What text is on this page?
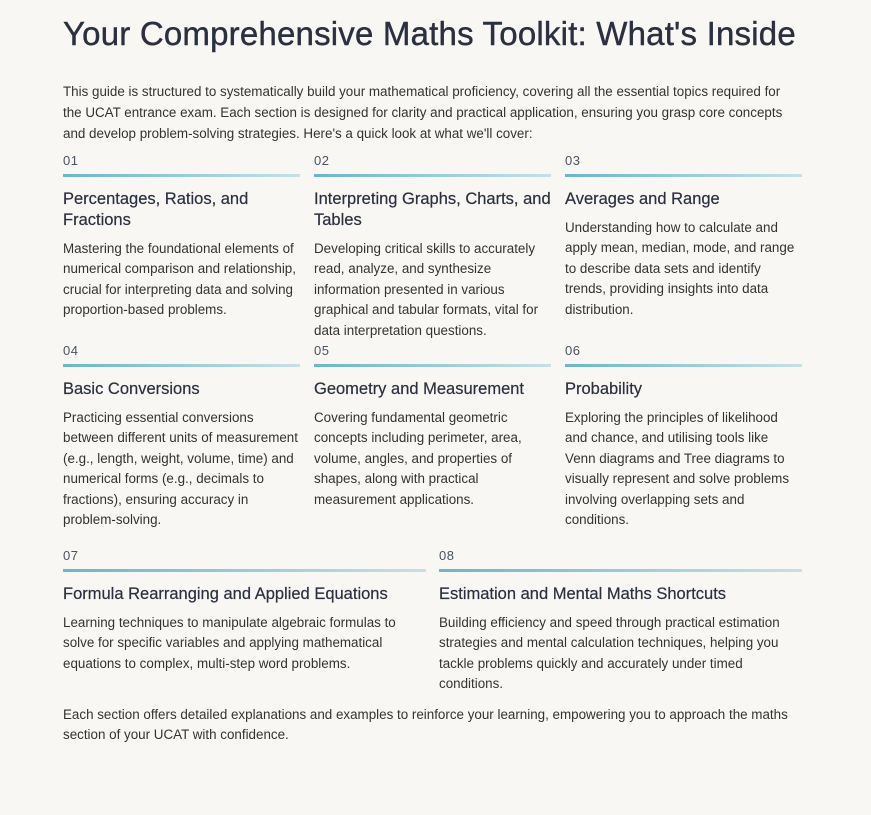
Your Comprehensive Maths Toolkit: What's Inside

This guide is structured to systematically build your mathematical proficiency, covering all the essential topics required for the UCAT entrance exam. Each section is designed for clarity and practical application, ensuring you grasp core concepts and develop problem-solving strategies. Here's a quick look at what we'll cover:

01
Percentages, Ratios, and Fractions
Mastering the foundational elements of numerical comparison and relationship, crucial for interpreting data and solving proportion-based problems.
02
Interpreting Graphs, Charts, and Tables
Developing critical skills to accurately read, analyze, and synthesize information presented in various graphical and tabular formats, vital for data interpretation questions.
03
Averages and Range
Understanding how to calculate and apply mean, median, mode, and range to describe data sets and identify trends, providing insights into data distribution.
04
Basic Conversions
Practicing essential conversions between different units of measurement (e.g., length, weight, volume, time) and numerical forms (e.g., decimals to fractions), ensuring accuracy in problem-solving.
05
Geometry and Measurement
Covering fundamental geometric concepts including perimeter, area, volume, angles, and properties of shapes, along with practical measurement applications.
06
Probability
Exploring the principles of likelihood and chance, and utilising tools like Venn diagrams and Tree diagrams to visually represent and solve problems involving overlapping sets and conditions.
07
Formula Rearranging and Applied Equations
Learning techniques to manipulate algebraic formulas to solve for specific variables and applying mathematical equations to complex, multi-step word problems.
08
Estimation and Mental Maths Shortcuts
Building efficiency and speed through practical estimation strategies and mental calculation techniques, helping you tackle problems quickly and accurately under timed conditions.

Each section offers detailed explanations and examples to reinforce your learning, empowering you to approach the maths section of your UCAT with confidence.
